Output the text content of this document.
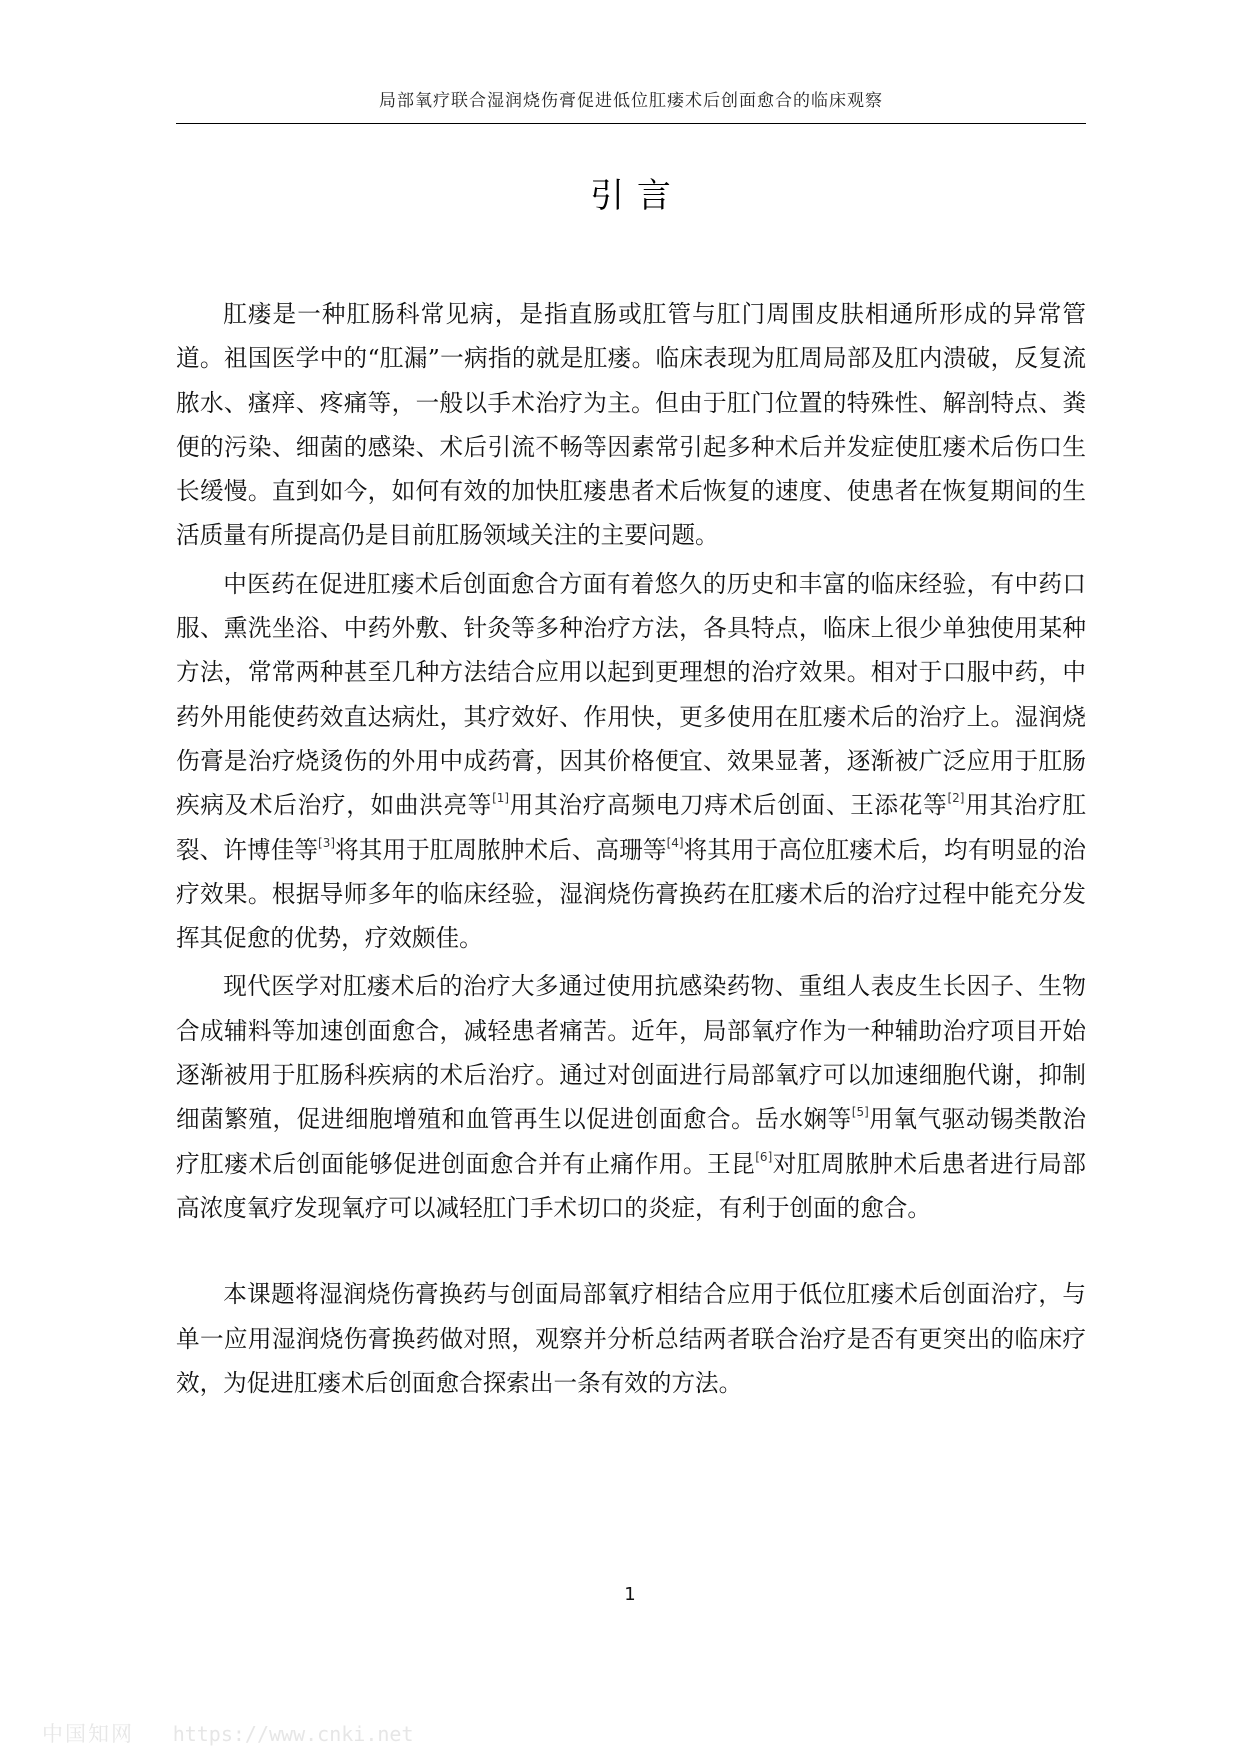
局部氧疗联合湿润烧伤膏促进低位肛瘘术后创面愈合的临床观察
引 言

肛瘘是一种肛肠科常见病，是指直肠或肛管与肛门周围皮肤相通所形成的异常管道。祖国医学中的“肛漏”一病指的就是肛瘘。临床表现为肛周局部及肛内溃破，反复流脓水、瘙痒、疼痛等，一般以手术治疗为主。但由于肛门位置的特殊性、解剖特点、粪便的污染、细菌的感染、术后引流不畅等因素常引起多种术后并发症使肛瘘术后伤口生长缓慢。直到如今，如何有效的加快肛瘘患者术后恢复的速度、使患者在恢复期间的生活质量有所提高仍是目前肛肠领域关注的主要问题。

中医药在促进肛瘘术后创面愈合方面有着悠久的历史和丰富的临床经验，有中药口服、熏洗坐浴、中药外敷、针灸等多种治疗方法，各具特点，临床上很少单独使用某种方法，常常两种甚至几种方法结合应用以起到更理想的治疗效果。相对于口服中药，中药外用能使药效直达病灶，其疗效好、作用快，更多使用在肛瘘术后的治疗上。湿润烧伤膏是治疗烧烫伤的外用中成药膏，因其价格便宜、效果显著，逐渐被广泛应用于肛肠疾病及术后治疗，如曲洪亮等[1]用其治疗高频电刀痔术后创面、王添花等[2]用其治疗肛裂、许博佳等[3]将其用于肛周脓肿术后、高珊等[4]将其用于高位肛瘘术后，均有明显的治疗效果。根据导师多年的临床经验，湿润烧伤膏换药在肛瘘术后的治疗过程中能充分发挥其促愈的优势，疗效颇佳。

现代医学对肛瘘术后的治疗大多通过使用抗感染药物、重组人表皮生长因子、生物合成辅料等加速创面愈合，减轻患者痛苦。近年，局部氧疗作为一种辅助治疗项目开始逐渐被用于肛肠科疾病的术后治疗。通过对创面进行局部氧疗可以加速细胞代谢，抑制细菌繁殖，促进细胞增殖和血管再生以促进创面愈合。岳水娴等[5]用氧气驱动锡类散治疗肛瘘术后创面能够促进创面愈合并有止痛作用。王昆[6]对肛周脓肿术后患者进行局部高浓度氧疗发现氧疗可以减轻肛门手术切口的炎症，有利于创面的愈合。

本课题将湿润烧伤膏换药与创面局部氧疗相结合应用于低位肛瘘术后创面治疗，与单一应用湿润烧伤膏换药做对照，观察并分析总结两者联合治疗是否有更突出的临床疗效，为促进肛瘘术后创面愈合探索出一条有效的方法。

1
中国知网 https://www.cnki.net
